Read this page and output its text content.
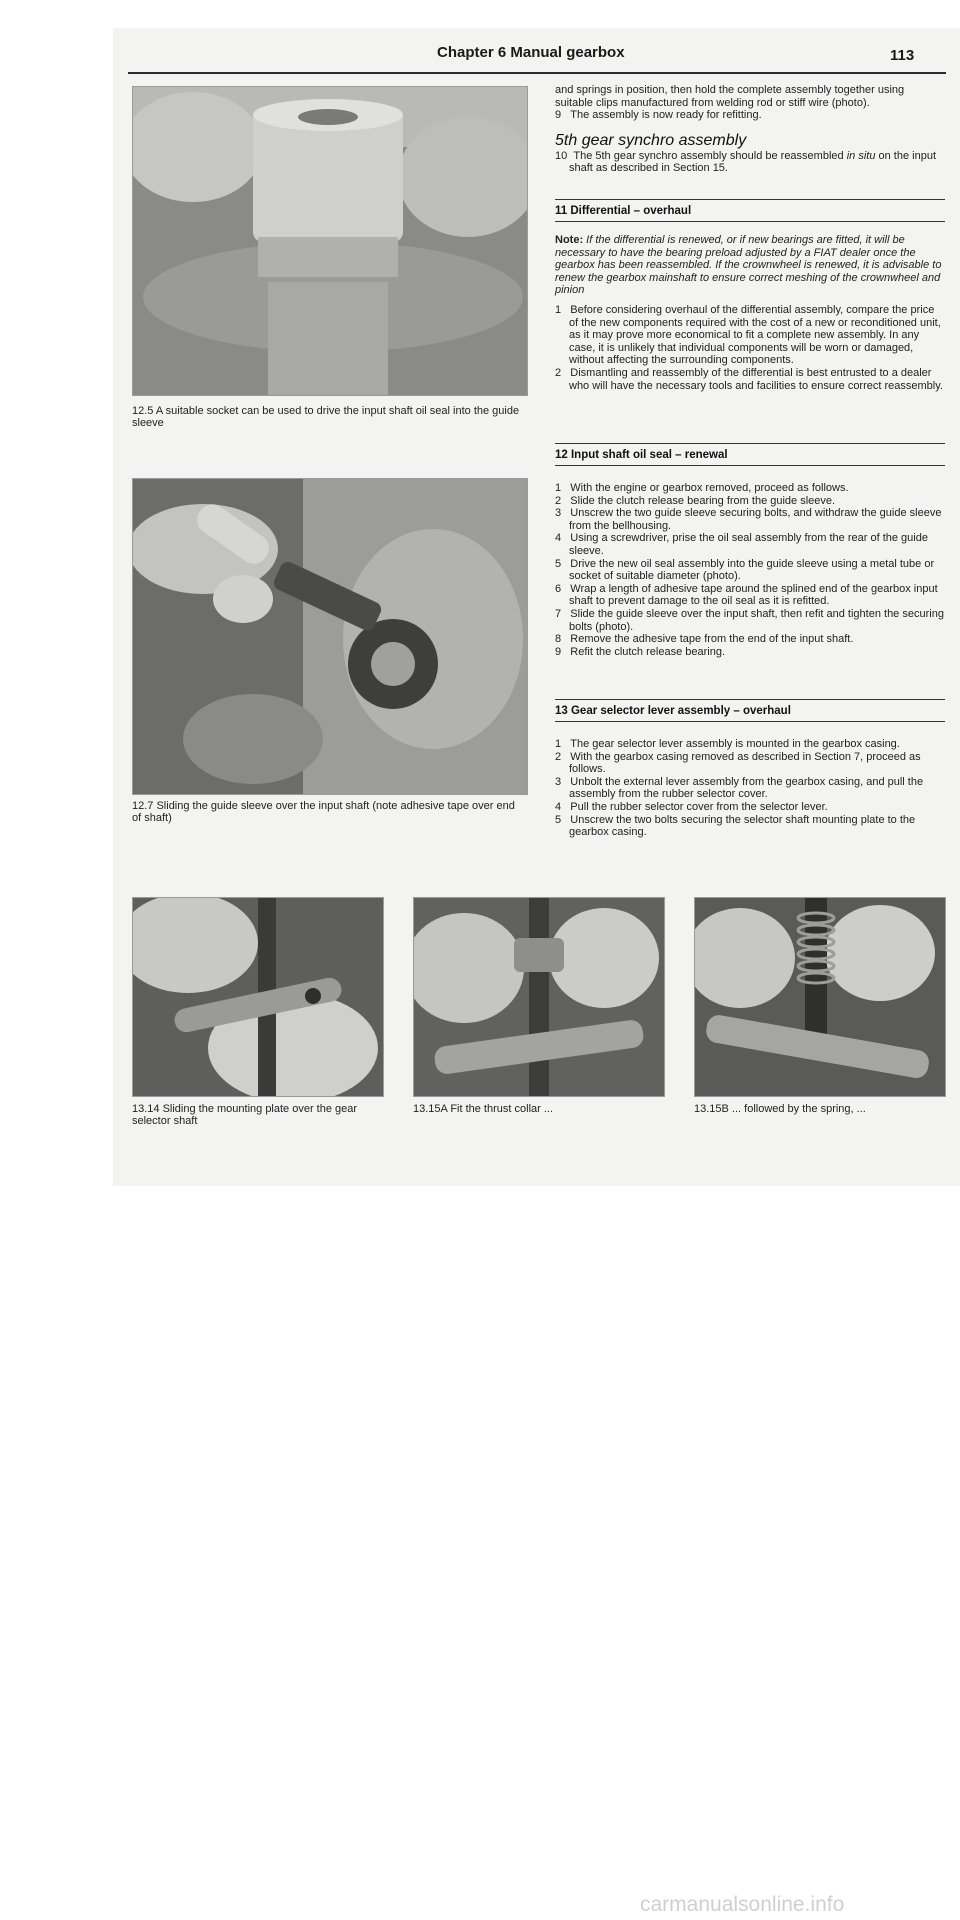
Chapter 6 Manual gearbox	113
12.5 A suitable socket can be used to drive the input shaft oil seal into the guide sleeve
12.7 Sliding the guide sleeve over the input shaft (note adhesive tape over end of shaft)

and springs in position, then hold the complete assembly together using suitable clips manufactured from welding rod or stiff wire (photo).

9 The assembly is now ready for refitting.

5th gear synchro assembly

10 The 5th gear synchro assembly should be reassembled in situ on the input shaft as described in Section 15.

11 Differential – overhaul

Note: If the differential is renewed, or if new bearings are fitted, it will be necessary to have the bearing preload adjusted by a FIAT dealer once the gearbox has been reassembled. If the crownwheel is renewed, it is advisable to renew the gearbox mainshaft to ensure correct meshing of the crownwheel and pinion

1 Before considering overhaul of the differential assembly, compare the price of the new components required with the cost of a new or reconditioned unit, as it may prove more economical to fit a complete new assembly. In any case, it is unlikely that individual components will be worn or damaged, without affecting the surrounding components.

2 Dismantling and reassembly of the differential is best entrusted to a dealer who will have the necessary tools and facilities to ensure correct reassembly.

12 Input shaft oil seal – renewal

1 With the engine or gearbox removed, proceed as follows.

2 Slide the clutch release bearing from the guide sleeve.

3 Unscrew the two guide sleeve securing bolts, and withdraw the guide sleeve from the bellhousing.

4 Using a screwdriver, prise the oil seal assembly from the rear of the guide sleeve.

5 Drive the new oil seal assembly into the guide sleeve using a metal tube or socket of suitable diameter (photo).

6 Wrap a length of adhesive tape around the splined end of the gearbox input shaft to prevent damage to the oil seal as it is refitted.

7 Slide the guide sleeve over the input shaft, then refit and tighten the securing bolts (photo).

8 Remove the adhesive tape from the end of the input shaft.

9 Refit the clutch release bearing.

13 Gear selector lever assembly – overhaul

1 The gear selector lever assembly is mounted in the gearbox casing.

2 With the gearbox casing removed as described in Section 7, proceed as follows.

3 Unbolt the external lever assembly from the gearbox casing, and pull the assembly from the rubber selector cover.

4 Pull the rubber selector cover from the selector lever.

5 Unscrew the two bolts securing the selector shaft mounting plate to the gearbox casing.

13.14 Sliding the mounting plate over the gear selector shaft
13.15A Fit the thrust collar ...	13.15B ... followed by the spring, ...
carmanualsonline.info
